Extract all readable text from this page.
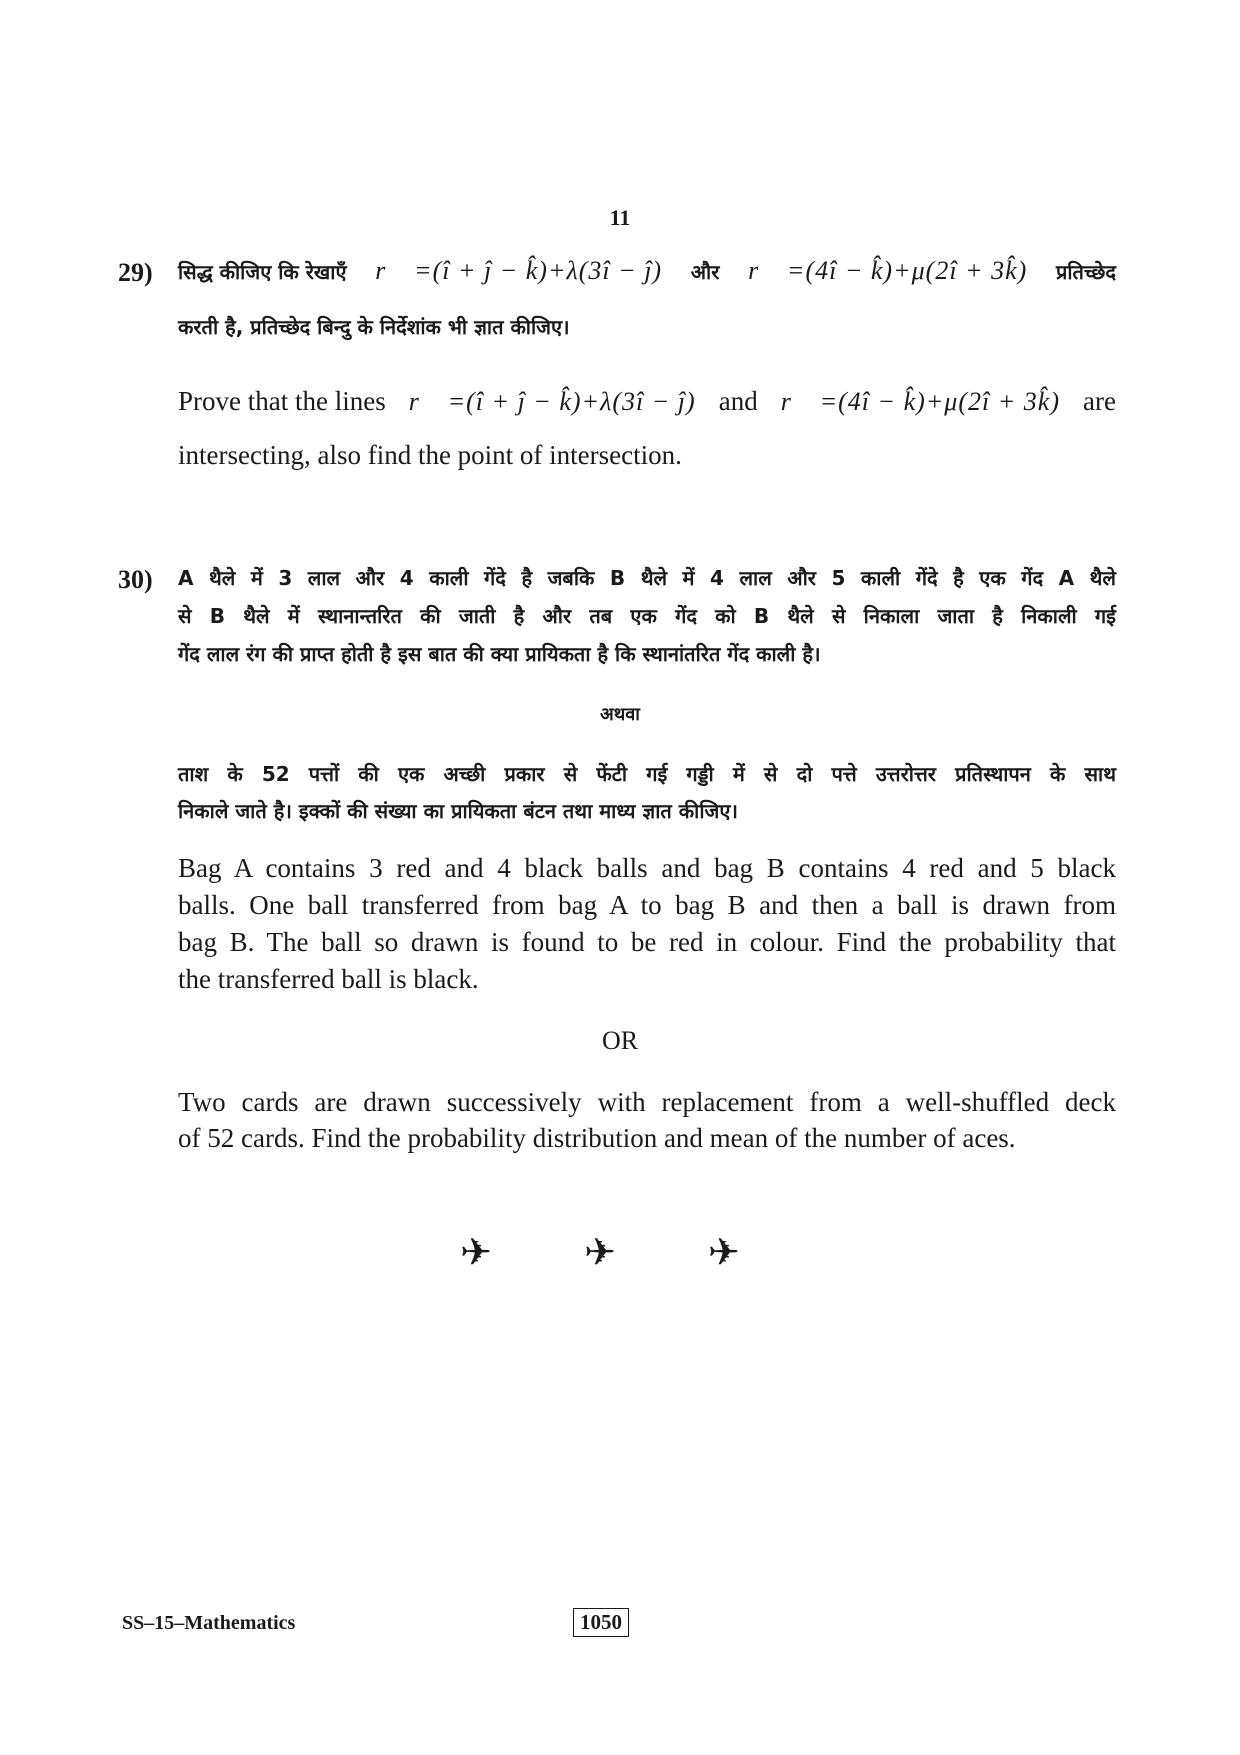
11
29) सिद्ध कीजिए कि रेखाएँ r⃗ =(î + ĵ − k̂)+λ(3î − ĵ) और r⃗ =(4î − k̂)+μ(2î + 3k̂) प्रतिच्छेद
करती है, प्रतिच्छेद बिन्दु के निर्देशांक भी ज्ञात कीजिए।
Prove that the lines r⃗ =(î + ĵ − k̂)+λ(3î − ĵ) and r⃗ =(4î − k̂)+μ(2î + 3k̂) are
intersecting, also find the point of intersection.
30) A थैले में 3 लाल और 4 काली गेंदे है जबकि B थैले में 4 लाल और 5 काली गेंदे है एक गेंद A थैले
से B थैले में स्थानान्तरित की जाती है और तब एक गेंद को B थैले से निकाला जाता है निकाली गई
गेंद लाल रंग की प्राप्त होती है इस बात की क्या प्रायिकता है कि स्थानांतरित गेंद काली है।
अथवा
ताश के 52 पत्तों की एक अच्छी प्रकार से फेंटी गई गड्डी में से दो पत्ते उत्तरोत्तर प्रतिस्थापन के साथ
निकाले जाते है। इक्कों की संख्या का प्रायिकता बंटन तथा माध्य ज्ञात कीजिए।
Bag A contains 3 red and 4 black balls and bag B contains 4 red and 5 black
balls. One ball transferred from bag A to bag B and then a ball is drawn from
bag B. The ball so drawn is found to be red in colour. Find the probability that
the transferred ball is black.
OR
Two cards are drawn successively with replacement from a well-shuffled deck
of 52 cards. Find the probability distribution and mean of the number of aces.
✈ ✈ ✈
SS–15–Mathematics	1050
